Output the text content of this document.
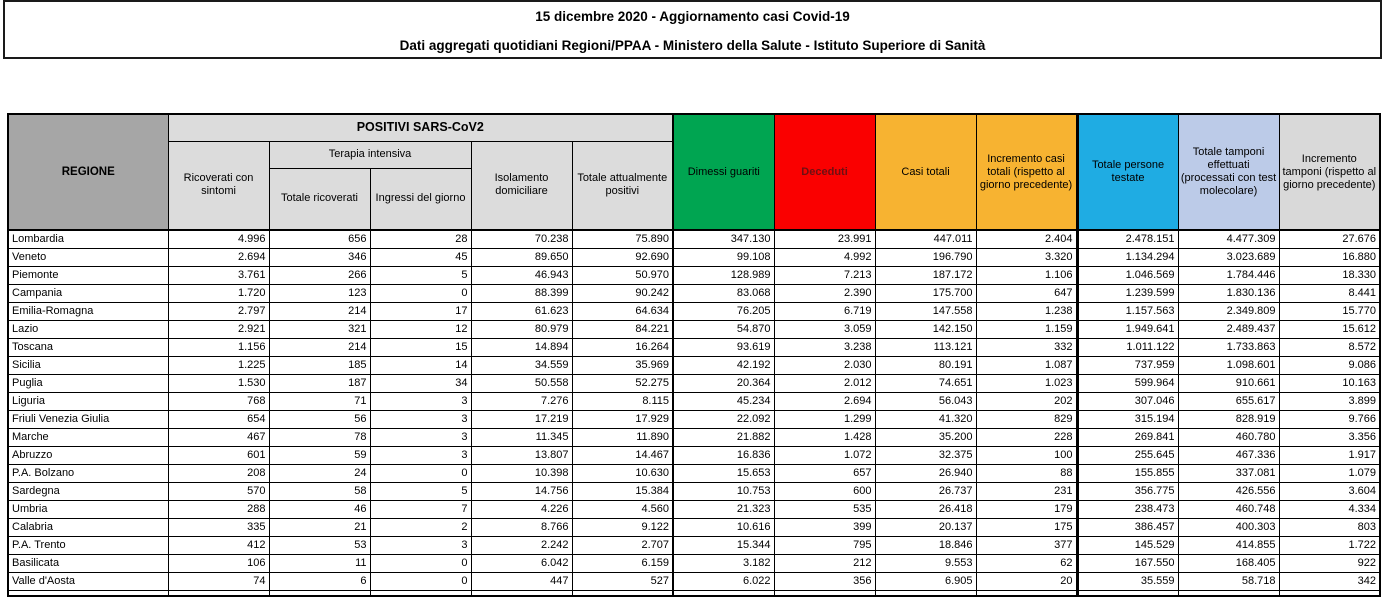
15 dicembre 2020 - Aggiornamento casi Covid-19
Dati aggregati quotidiani Regioni/PPAA - Ministero della Salute - Istituto Superiore di Sanità
REGIONE	POSITIVI SARS-CoV2					Dimessi guariti	Deceduti	Casi totali	Incremento casi totali (rispetto al giorno precedente)	Totale persone testate	Totale tamponi effettuati (processati con test molecolare)	Incremento tamponi (rispetto al giorno precedente)
	Ricoverati con sintomi	Terapia intensiva		Isolamento domiciliare	Totale attualmente positivi							
		Totale ricoverati	Ingressi del giorno									
Lombardia	4.996	656	28	70.238	75.890	347.130	23.991	447.011	2.404	2.478.151	4.477.309	27.676
Veneto	2.694	346	45	89.650	92.690	99.108	4.992	196.790	3.320	1.134.294	3.023.689	16.880
Piemonte	3.761	266	5	46.943	50.970	128.989	7.213	187.172	1.106	1.046.569	1.784.446	18.330
Campania	1.720	123	0	88.399	90.242	83.068	2.390	175.700	647	1.239.599	1.830.136	8.441
Emilia-Romagna	2.797	214	17	61.623	64.634	76.205	6.719	147.558	1.238	1.157.563	2.349.809	15.770
Lazio	2.921	321	12	80.979	84.221	54.870	3.059	142.150	1.159	1.949.641	2.489.437	15.612
Toscana	1.156	214	15	14.894	16.264	93.619	3.238	113.121	332	1.011.122	1.733.863	8.572
Sicilia	1.225	185	14	34.559	35.969	42.192	2.030	80.191	1.087	737.959	1.098.601	9.086
Puglia	1.530	187	34	50.558	52.275	20.364	2.012	74.651	1.023	599.964	910.661	10.163
Liguria	768	71	3	7.276	8.115	45.234	2.694	56.043	202	307.046	655.617	3.899
Friuli Venezia Giulia	654	56	3	17.219	17.929	22.092	1.299	41.320	829	315.194	828.919	9.766
Marche	467	78	3	11.345	11.890	21.882	1.428	35.200	228	269.841	460.780	3.356
Abruzzo	601	59	3	13.807	14.467	16.836	1.072	32.375	100	255.645	467.336	1.917
P.A. Bolzano	208	24	0	10.398	10.630	15.653	657	26.940	88	155.855	337.081	1.079
Sardegna	570	58	5	14.756	15.384	10.753	600	26.737	231	356.775	426.556	3.604
Umbria	288	46	7	4.226	4.560	21.323	535	26.418	179	238.473	460.748	4.334
Calabria	335	21	2	8.766	9.122	10.616	399	20.137	175	386.457	400.303	803
P.A. Trento	412	53	3	2.242	2.707	15.344	795	18.846	377	145.529	414.855	1.722
Basilicata	106	11	0	6.042	6.159	3.182	212	9.553	62	167.550	168.405	922
Valle d'Aosta	74	6	0	447	527	6.022	356	6.905	20	35.559	58.718	342
